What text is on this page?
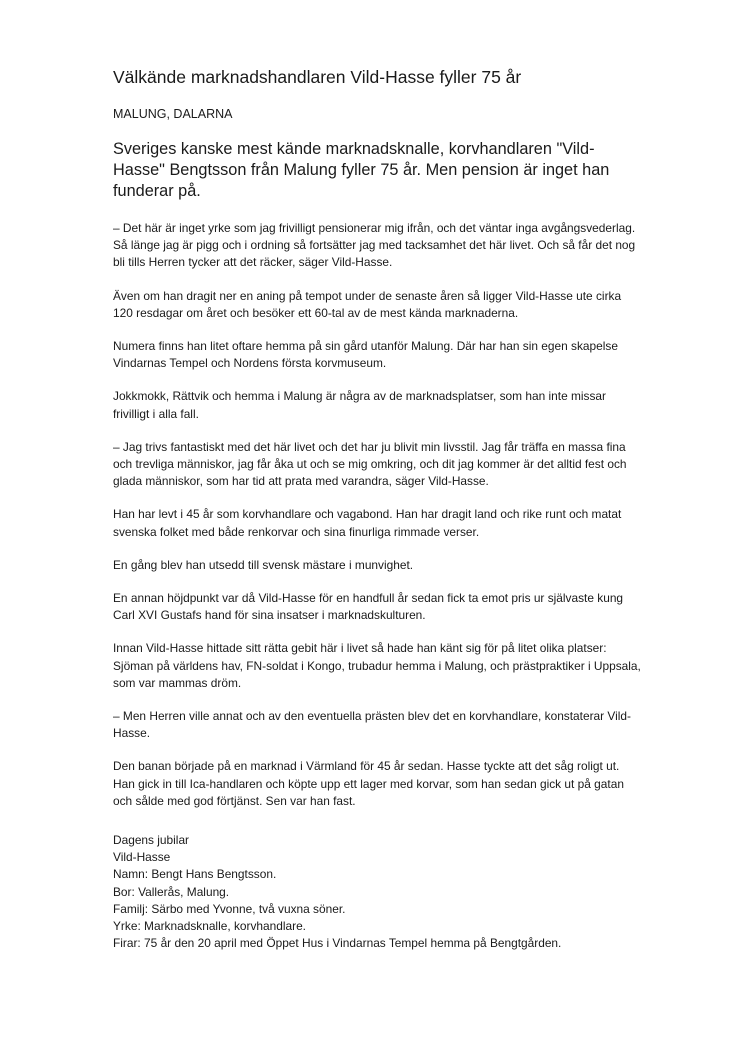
Välkände marknadshandlaren Vild-Hasse fyller 75 år
MALUNG, DALARNA
Sveriges kanske mest kände marknadsknalle, korvhandlaren "Vild-Hasse" Bengtsson från Malung fyller 75 år. Men pension är inget han funderar på.

– Det här är inget yrke som jag frivilligt pensionerar mig ifrån, och det väntar inga avgångsvederlag. Så länge jag är pigg och i ordning så fortsätter jag med tacksamhet det här livet. Och så får det nog bli tills Herren tycker att det räcker, säger Vild-Hasse.

Även om han dragit ner en aning på tempot under de senaste åren så ligger Vild-Hasse ute cirka 120 resdagar om året och besöker ett 60-tal av de mest kända marknaderna.

Numera finns han litet oftare hemma på sin gård utanför Malung. Där har han sin egen skapelse Vindarnas Tempel och Nordens första korvmuseum.

Jokkmokk, Rättvik och hemma i Malung är några av de marknadsplatser, som han inte missar frivilligt i alla fall.

– Jag trivs fantastiskt med det här livet och det har ju blivit min livsstil. Jag får träffa en massa fina och trevliga människor, jag får åka ut och se mig omkring, och dit jag kommer är det alltid fest och glada människor, som har tid att prata med varandra, säger Vild-Hasse.

Han har levt i 45 år som korvhandlare och vagabond. Han har dragit land och rike runt och matat svenska folket med både renkorvar och sina finurliga rimmade verser.

En gång blev han utsedd till svensk mästare i munvighet.

En annan höjdpunkt var då Vild-Hasse för en handfull år sedan fick ta emot pris ur självaste kung Carl XVI Gustafs hand för sina insatser i marknadskulturen.

Innan Vild-Hasse hittade sitt rätta gebit här i livet så hade han känt sig för på litet olika platser: Sjöman på världens hav, FN-soldat i Kongo, trubadur hemma i Malung, och prästpraktiker i Uppsala, som var mammas dröm.

– Men Herren ville annat och av den eventuella prästen blev det en korvhandlare, konstaterar Vild-Hasse.

Den banan började på en marknad i Värmland för 45 år sedan. Hasse tyckte att det såg roligt ut. Han gick in till Ica-handlaren och köpte upp ett lager med korvar, som han sedan gick ut på gatan och sålde med god förtjänst. Sen var han fast.

Dagens jubilar
Vild-Hasse
Namn: Bengt Hans Bengtsson.
Bor: Vallerås, Malung.
Familj: Särbo med Yvonne, två vuxna söner.
Yrke: Marknadsknalle, korvhandlare.
Firar: 75 år den 20 april med Öppet Hus i Vindarnas Tempel hemma på Bengtgården.
